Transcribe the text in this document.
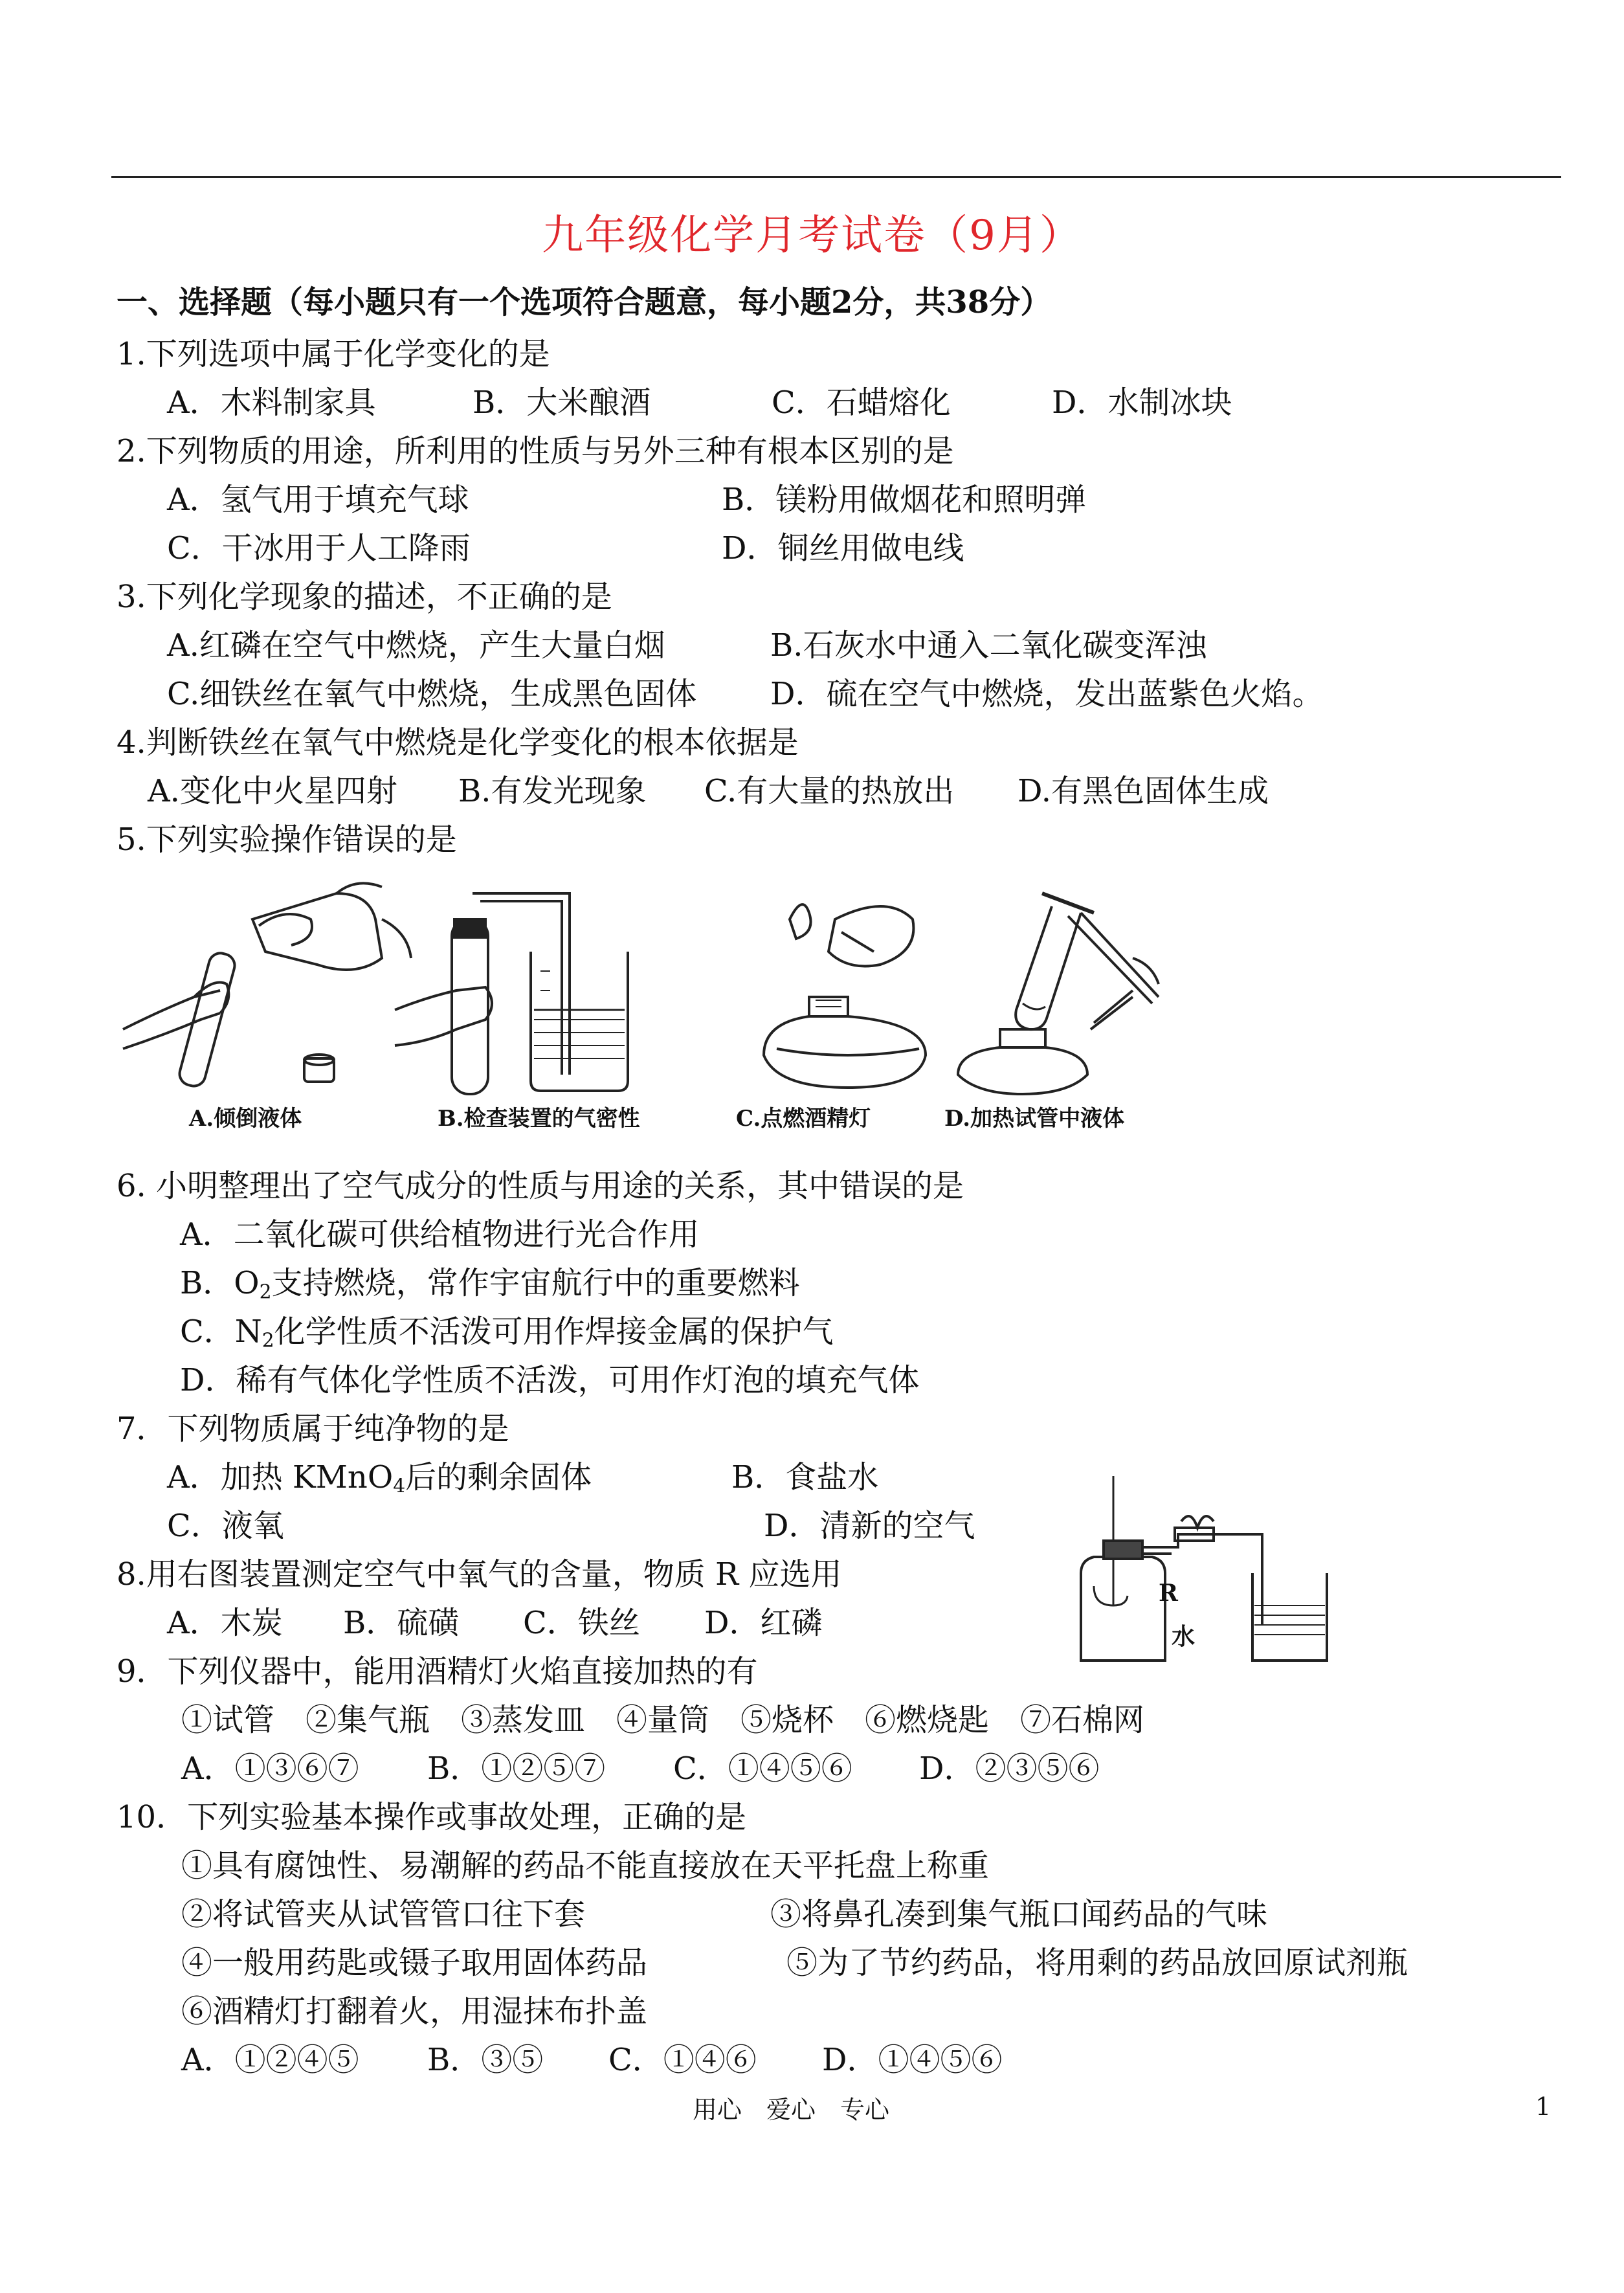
九年级化学月考试卷（9月）
一、选择题（每小题只有一个选项符合题意，每小题2分，共38分）
1.下列选项中属于化学变化的是
A．木料制家具	B．大米酿酒	C．石蜡熔化	D．水制冰块
2.下列物质的用途，所利用的性质与另外三种有根本区别的是
A．氢气用于填充气球	B．镁粉用做烟花和照明弹
C．干冰用于人工降雨	D．铜丝用做电线
3.下列化学现象的描述，不正确的是
A.红磷在空气中燃烧，产生大量白烟	B.石灰水中通入二氧化碳变浑浊
C.细铁丝在氧气中燃烧，生成黑色固体 D．硫在空气中燃烧，发出蓝紫色火焰。
4.判断铁丝在氧气中燃烧是化学变化的根本依据是
A.变化中火星四射 B.有发光现象 C.有大量的热放出 D.有黑色固体生成
5.下列实验操作错误的是
A.倾倒液体	B.检查装置的气密性	C.点燃酒精灯	D.加热试管中液体
6. 小明整理出了空气成分的性质与用途的关系，其中错误的是
A．二氧化碳可供给植物进行光合作用
B．$O_2$支持燃烧，常作宇宙航行中的重要燃料
C．$N_2$化学性质不活泼可用作焊接金属的保护气
D．稀有气体化学性质不活泼，可用作灯泡的填充气体
7．下列物质属于纯净物的是
A．加热 KMnO$_4$后的剩余固体	B．食盐水
C．液氧	D．清新的空气
R
水
8.用右图装置测定空气中氧气的含量，物质 R 应选用
A．木炭 B．硫磺 C．铁丝 D．红磷
9．下列仪器中，能用酒精灯火焰直接加热的有
①试管　②集气瓶　③蒸发皿　④量筒　⑤烧杯　⑥燃烧匙　⑦石棉网
A．①③⑥⑦ B．①②⑤⑦ C．①④⑤⑥ D．②③⑤⑥
10．下列实验基本操作或事故处理，正确的是
①具有腐蚀性、易潮解的药品不能直接放在天平托盘上称重
②将试管夹从试管管口往下套	③将鼻孔凑到集气瓶口闻药品的气味
④一般用药匙或镊子取用固体药品	⑤为了节约药品，将用剩的药品放回原试剂瓶
⑥酒精灯打翻着火，用湿抹布扑盖
A．①②④⑤ B．③⑤ C．①④⑥ D．①④⑤⑥
用心　爱心　专心	1
